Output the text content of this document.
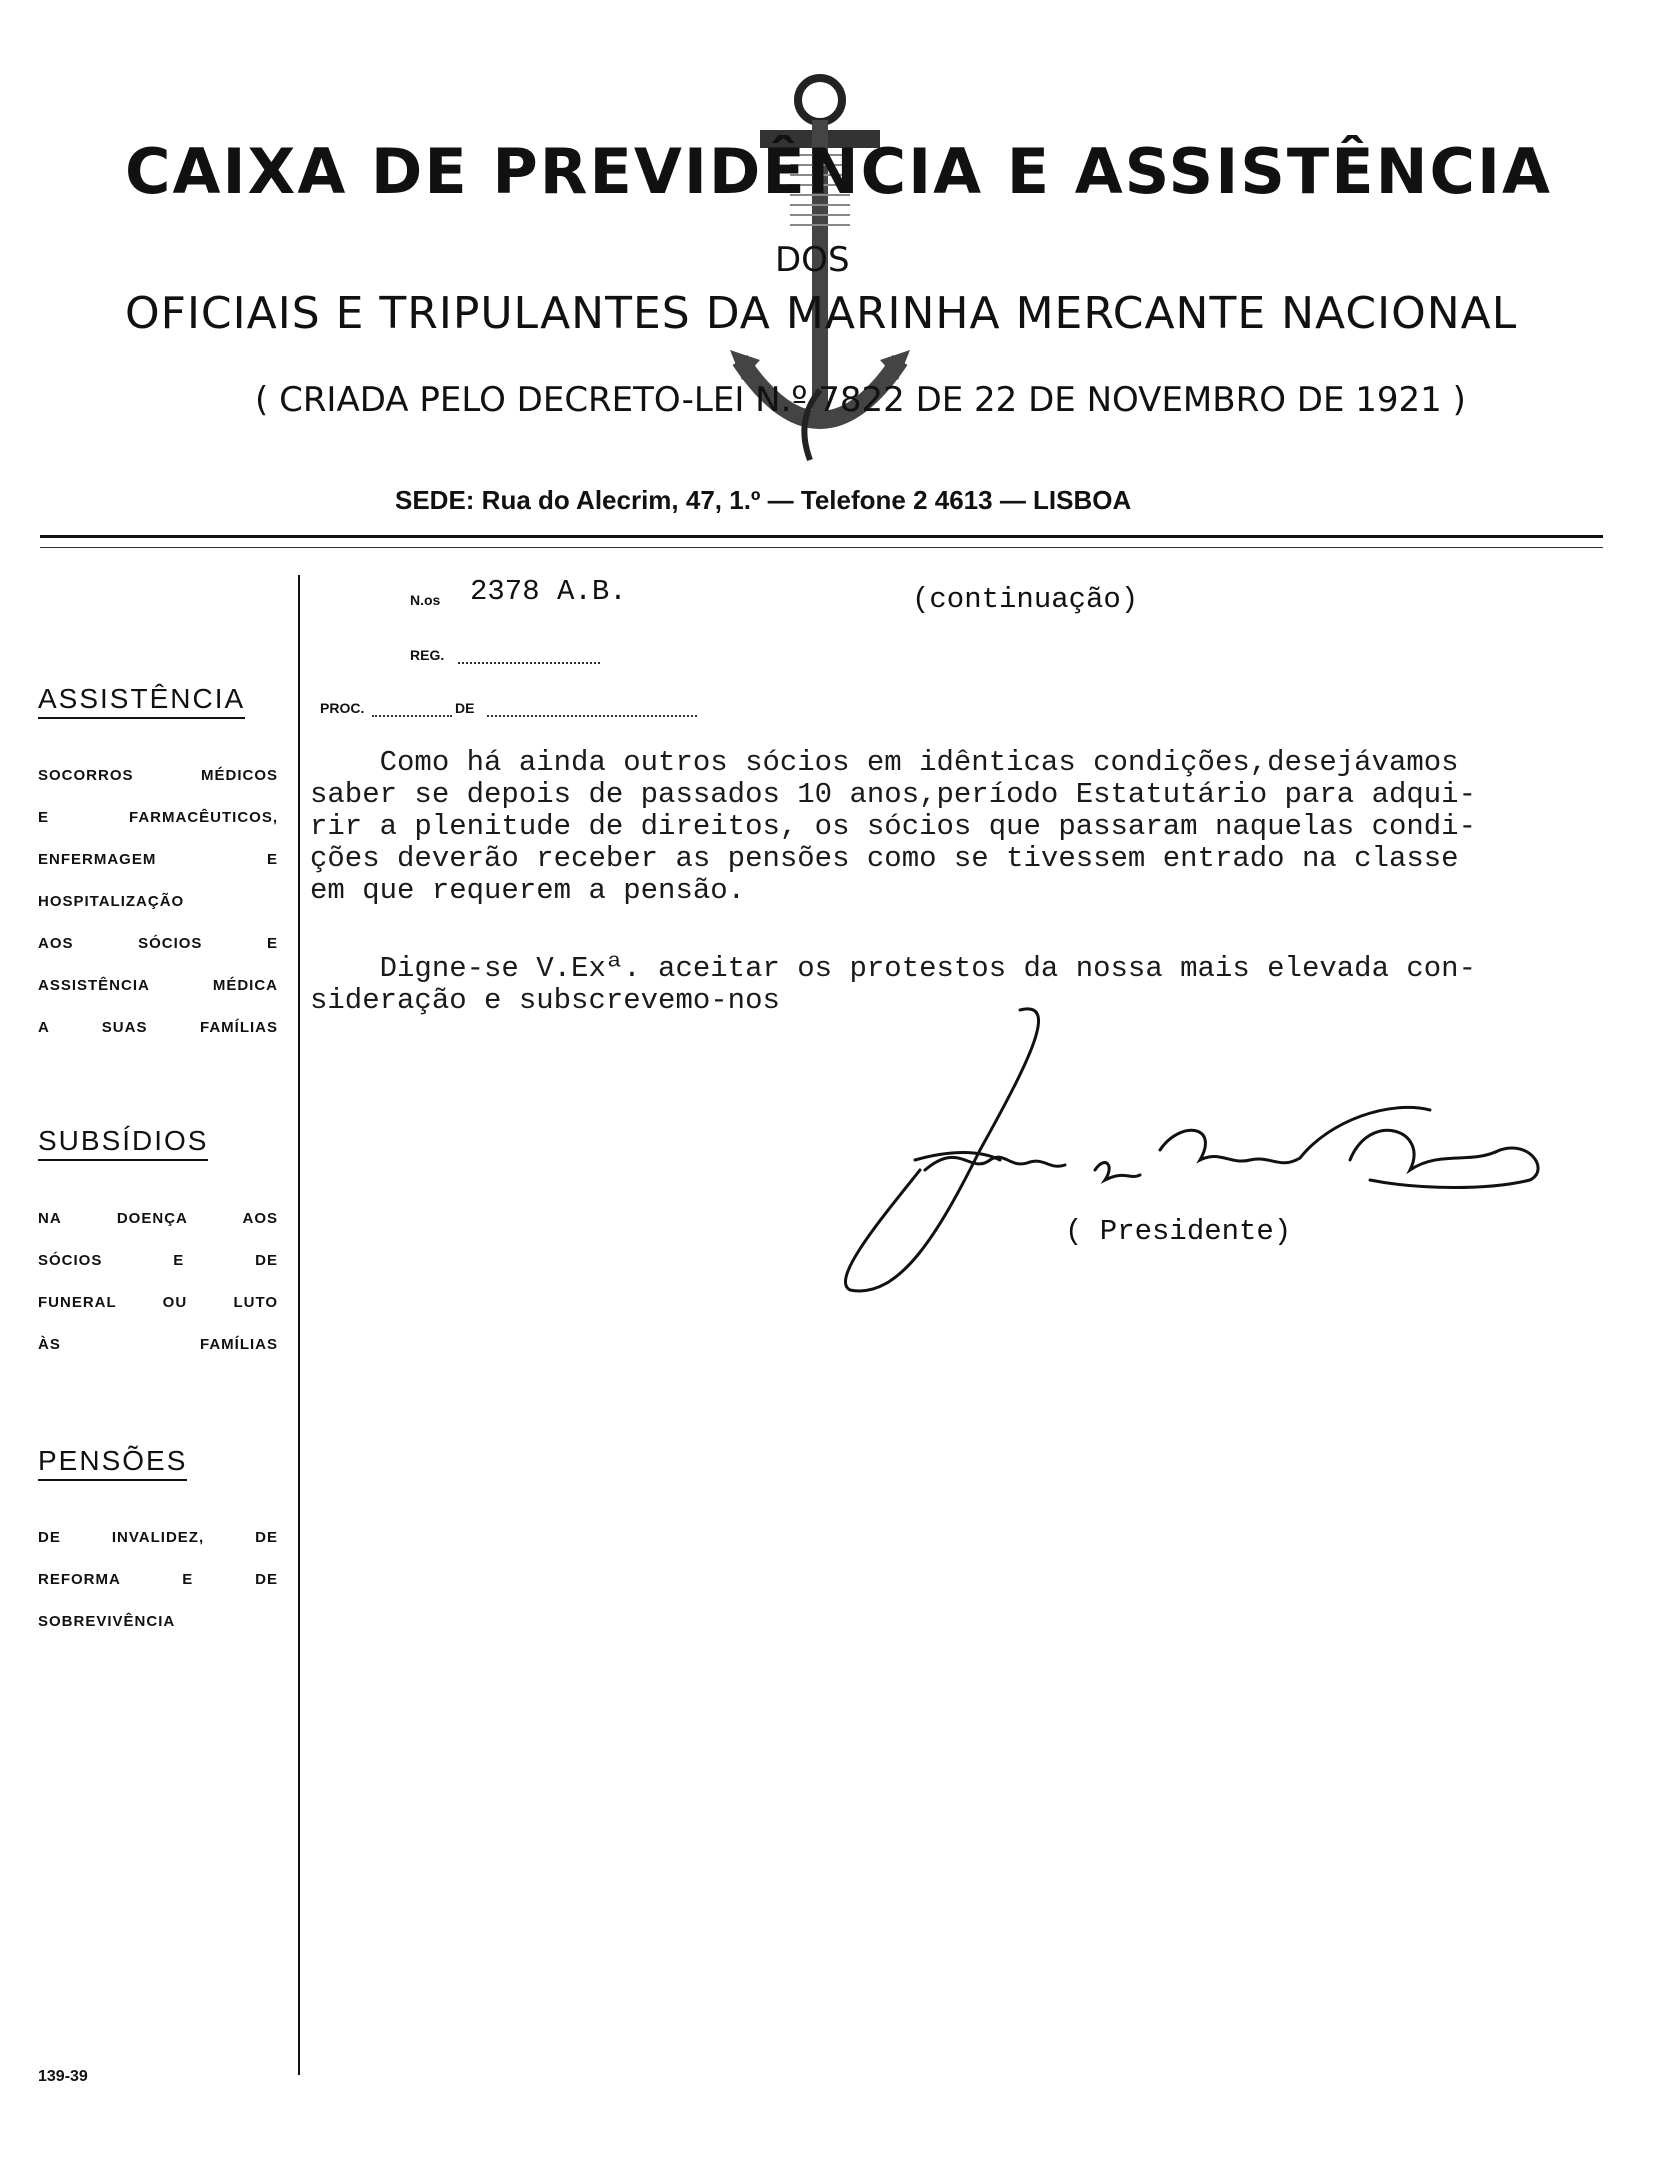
CAIXA DE PREVIDÊNCIA E ASSISTÊNCIA
DOS
OFICIAIS E TRIPULANTES DA MARINHA MERCANTE NACIONAL
( CRIADA PELO DECRETO-LEI N.º 7822 DE 22 DE NOVEMBRO DE 1921 )
SEDE: Rua do Alecrim, 47, 1.º — Telefone 2 4613 — LISBOA
ASSISTÊNCIA
SOCORROS MÉDICOS
E FARMACÊUTICOS,
ENFERMAGEM E
HOSPITALIZAÇÃO
AOS SÓCIOS E
ASSISTÊNCIA MÉDICA
A SUAS FAMÍLIAS
SUBSÍDIOS
NA DOENÇA AOS
SÓCIOS E DE
FUNERAL OU LUTO
ÀS FAMÍLIAS
PENSÕES
DE INVALIDEZ, DE
REFORMA E DE
SOBREVIVÊNCIA
N.os 2378 A.B.	(continuação)
REG.
PROC.	DE
Como há ainda outros sócios em idênticas condições,desejávamos
saber se depois de passados 10 anos,período Estatutário para adqui-
rir a plenitude de direitos, os sócios que passaram naquelas condi-
ções deverão receber as pensões como se tivessem entrado na classe
em que requerem a pensão.
Digne-se V.Exª. aceitar os protestos da nossa mais elevada con-
sideração e subscrevemo-nos
( Presidente)
139-39
